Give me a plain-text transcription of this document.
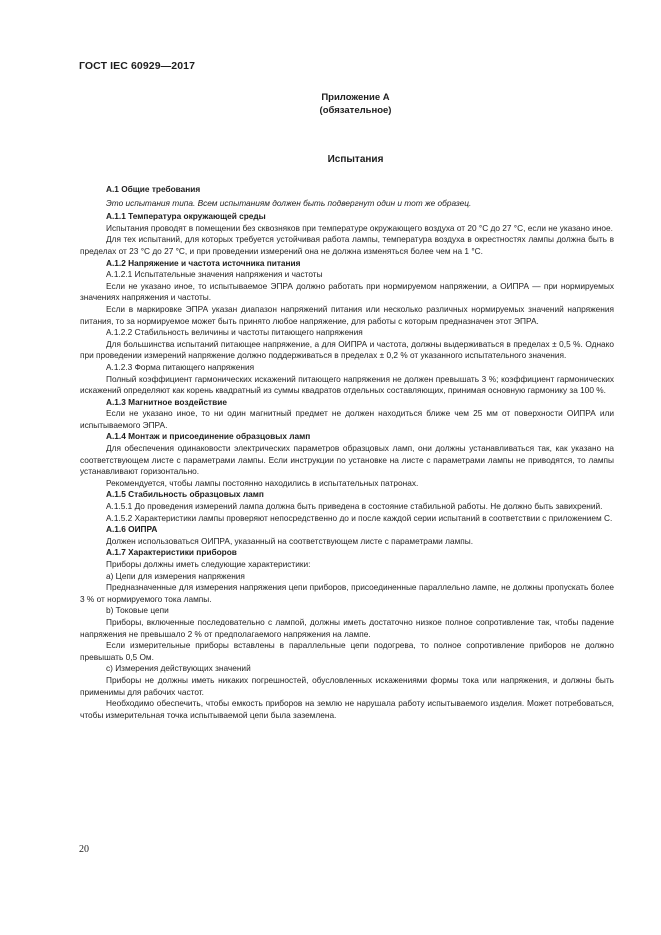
ГОСТ IEC 60929—2017
Приложение А
(обязательное)
Испытания

А.1 Общие требования

Это испытания типа. Всем испытаниям должен быть подвергнут один и тот же образец.

А.1.1 Температура окружающей среды

Испытания проводят в помещении без сквозняков при температуре окружающего воздуха от 20 °С до 27 °С, если не указано иное.

Для тех испытаний, для которых требуется устойчивая работа лампы, температура воздуха в окрестностях лампы должна быть в пределах от 23 °С до 27 °С, и при проведении измерений она не должна изменяться более чем на 1 °С.

А.1.2 Напряжение и частота источника питания

А.1.2.1 Испытательные значения напряжения и частоты

Если не указано иное, то испытываемое ЭПРА должно работать при нормируемом напряжении, а ОИПРА — при нормируемых значениях напряжения и частоты.

Если в маркировке ЭПРА указан диапазон напряжений питания или несколько различных нормируемых значений напряжения питания, то за нормируемое может быть принято любое напряжение, для работы с которым предназначен этот ЭПРА.

А.1.2.2 Стабильность величины и частоты питающего напряжения

Для большинства испытаний питающее напряжение, а для ОИПРА и частота, должны выдерживаться в пределах ± 0,5 %. Однако при проведении измерений напряжение должно поддерживаться в пределах ± 0,2 % от указанного испытательного значения.

А.1.2.3 Форма питающего напряжения

Полный коэффициент гармонических искажений питающего напряжения не должен превышать 3 %; коэффициент гармонических искажений определяют как корень квадратный из суммы квадратов отдельных составляющих, принимая основную гармонику за 100 %.

А.1.3 Магнитное воздействие

Если не указано иное, то ни один магнитный предмет не должен находиться ближе чем 25 мм от поверхности ОИПРА или испытываемого ЭПРА.

А.1.4 Монтаж и присоединение образцовых ламп

Для обеспечения одинаковости электрических параметров образцовых ламп, они должны устанавливаться так, как указано на соответствующем листе с параметрами лампы. Если инструкции по установке на листе с параметрами лампы не приводятся, то лампы устанавливают горизонтально.

Рекомендуется, чтобы лампы постоянно находились в испытательных патронах.

А.1.5 Стабильность образцовых ламп

А.1.5.1 До проведения измерений лампа должна быть приведена в состояние стабильной работы. Не должно быть завихрений.

А.1.5.2 Характеристики лампы проверяют непосредственно до и после каждой серии испытаний в соответствии с приложением С.

А.1.6 ОИПРА

Должен использоваться ОИПРА, указанный на соответствующем листе с параметрами лампы.

А.1.7 Характеристики приборов

Приборы должны иметь следующие характеристики:

а) Цепи для измерения напряжения

Предназначенные для измерения напряжения цепи приборов, присоединенные параллельно лампе, не должны пропускать более 3 % от нормируемого тока лампы.

b) Токовые цепи

Приборы, включенные последовательно с лампой, должны иметь достаточно низкое полное сопротивление так, чтобы падение напряжения не превышало 2 % от предполагаемого напряжения на лампе.

Если измерительные приборы вставлены в параллельные цепи подогрева, то полное сопротивление приборов не должно превышать 0,5 Ом.

c) Измерения действующих значений

Приборы не должны иметь никаких погрешностей, обусловленных искажениями формы тока или напряжения, и должны быть применимы для рабочих частот.

Необходимо обеспечить, чтобы емкость приборов на землю не нарушала работу испытываемого изделия. Может потребоваться, чтобы измерительная точка испытываемой цепи была заземлена.

20
